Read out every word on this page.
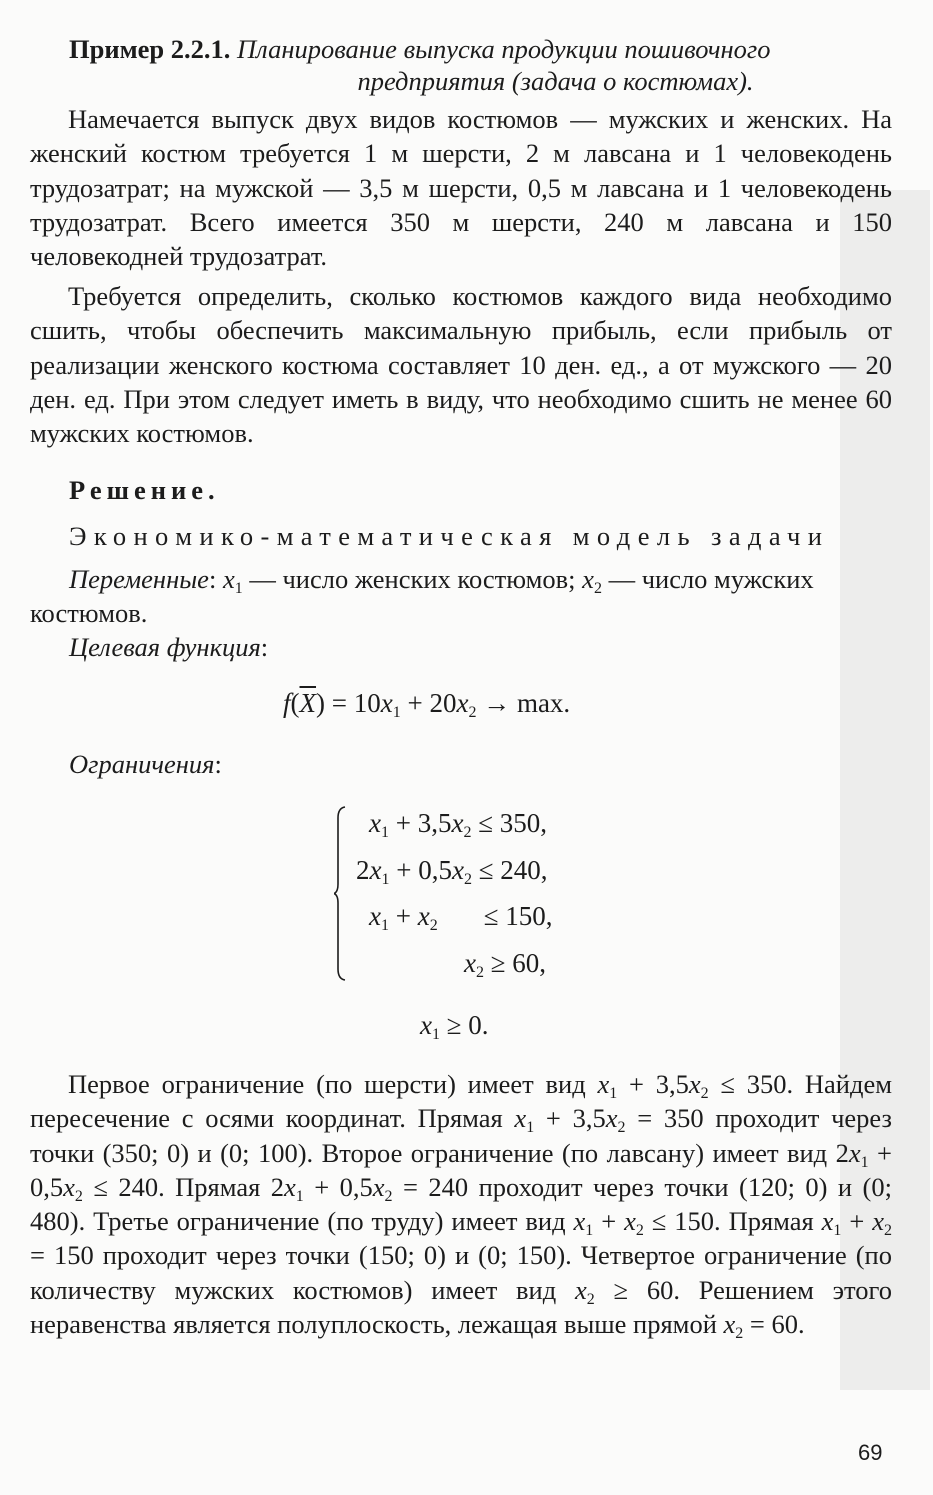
Пример 2.2.1. Планирование выпуска продукции пошивочного
предприятия (задача о костюмах).

Намечается выпуск двух видов костюмов — мужских и женских. На женский костюм требуется 1 м шерсти, 2 м лавсана и 1 человекодень трудозатрат; на мужской — 3,5 м шерсти, 0,5 м лавсана и 1 человекодень трудозатрат. Всего имеется 350 м шерсти, 240 м лавсана и 150 человекодней трудозатрат.

Требуется определить, сколько костюмов каждого вида необходимо сшить, чтобы обеспечить максимальную прибыль, если прибыль от реализации женского костюма составляет 10 ден. ед., а от мужского — 20 ден. ед. При этом следует иметь в виду, что необходимо сшить не менее 60 мужских костюмов.

Решение.

Экономико-математическая модель задачи

Переменные: $x_1$ — число женских костюмов; $x_2$ — число мужских

костюмов.

Целевая функция:

$f(\overline{X}) = 10x_1 + 20x_2 \to \max$.

Ограничения:

$x_1 + 3,5x_2 \le 350$,
$2x_1 + 0,5x_2 \le 240$,
$x_1 + x_2 \le 150$,
$x_2 \ge 60$,
$x_1 \ge 0$.

Первое ограничение (по шерсти) имеет вид $x_1 + 3,5x_2 \le 350$. Найдем пересечение с осями координат. Прямая $x_1 + 3,5x_2 = 350$ проходит через точки (350; 0) и (0; 100). Второе ограничение (по лавсану) имеет вид $2x_1 + 0,5x_2 \le 240$. Прямая $2x_1 + 0,5x_2 = 240$ проходит через точки (120; 0) и (0; 480). Третье ограничение (по труду) имеет вид $x_1 + x_2 \le 150$. Прямая $x_1 + x_2 = 150$ проходит через точки (150; 0) и (0; 150). Четвертое ограничение (по количеству мужских костюмов) имеет вид $x_2 \ge 60$. Решением этого неравенства является полуплоскость, лежащая выше прямой $x_2 = 60$.

69
